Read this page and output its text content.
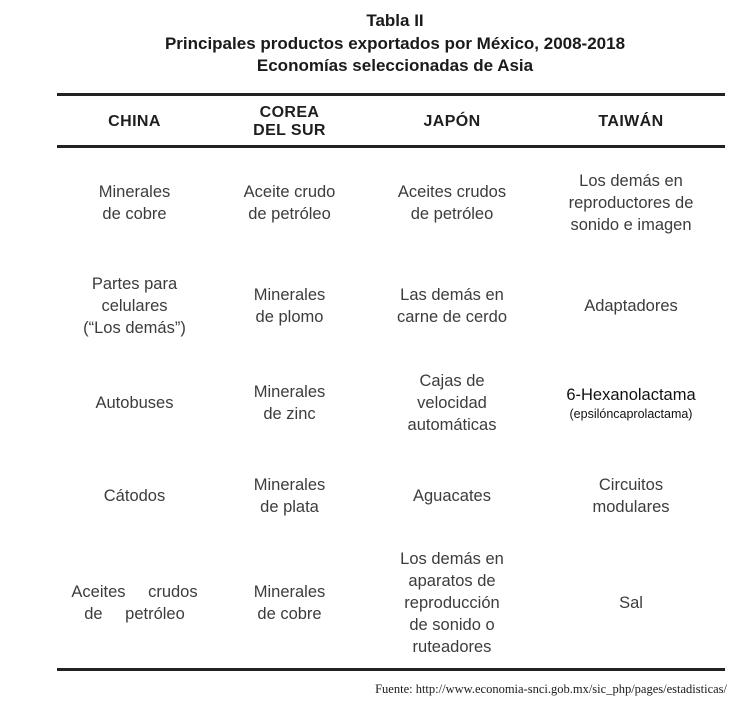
Tabla II
Principales productos exportados por México, 2008-2018
Economías seleccionadas de Asia
CHINA
COREA
DEL SUR
JAPÓN	TAIWÁN
Minerales
de cobre
Aceite crudo
de petróleo
Aceites crudos
de petróleo
Los demás en
reproductores de
sonido e imagen
Partes para
celulares
(“Los demás”)
Minerales
de plomo
Las demás en
carne de cerdo
Adaptadores
Autobuses
Minerales
de zinc
Cajas de
velocidad
automáticas
6-Hexanolactama
(epsilóncaprolactama)
Cátodos
Minerales
de plata
Aguacates
Circuitos
modulares
Aceites crudos
de petróleo
Minerales
de cobre
Los demás en
aparatos de
reproducción
de sonido o
ruteadores
Sal
Fuente: http://www.economia-snci.gob.mx/sic_php/pages/estadisticas/
